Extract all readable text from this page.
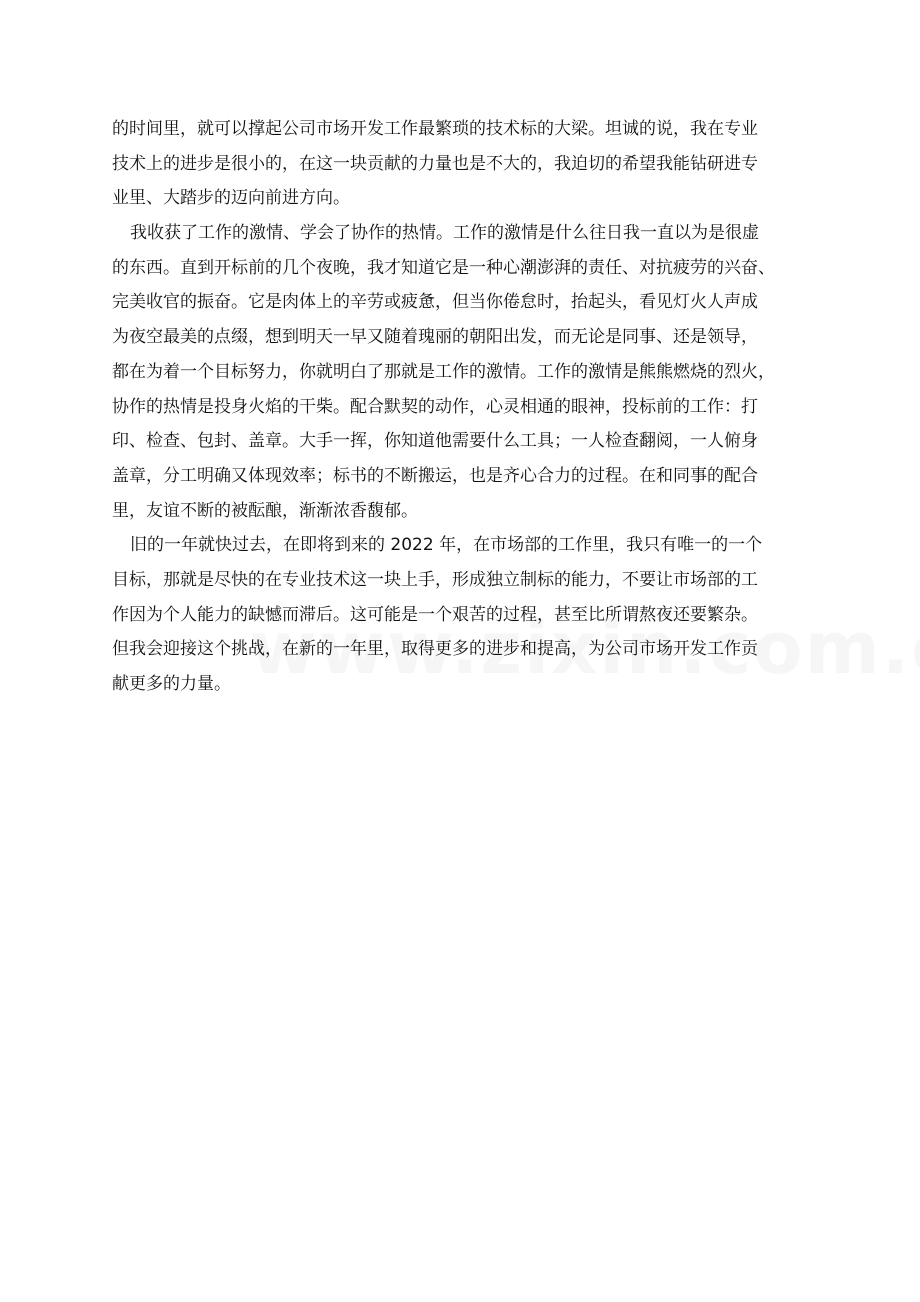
的时间里，就可以撑起公司市场开发工作最繁琐的技术标的大梁。坦诚的说，我在专业
技术上的进步是很小的，在这一块贡献的力量也是不大的，我迫切的希望我能钻研进专
业里、大踏步的迈向前进方向。
我收获了工作的激情、学会了协作的热情。工作的激情是什么往日我一直以为是很虚
的东西。直到开标前的几个夜晚，我才知道它是一种心潮澎湃的责任、对抗疲劳的兴奋、
完美收官的振奋。它是肉体上的辛劳或疲惫，但当你倦怠时，抬起头，看见灯火人声成
为夜空最美的点缀，想到明天一早又随着瑰丽的朝阳出发，而无论是同事、还是领导，
都在为着一个目标努力，你就明白了那就是工作的激情。工作的激情是熊熊燃烧的烈火，
协作的热情是投身火焰的干柴。配合默契的动作，心灵相通的眼神，投标前的工作：打
印、检查、包封、盖章。大手一挥，你知道他需要什么工具；一人检查翻阅，一人俯身
盖章，分工明确又体现效率；标书的不断搬运，也是齐心合力的过程。在和同事的配合
里，友谊不断的被酝酿，渐渐浓香馥郁。
旧的一年就快过去，在即将到来的 2022 年，在市场部的工作里，我只有唯一的一个
目标，那就是尽快的在专业技术这一块上手，形成独立制标的能力，不要让市场部的工
作因为个人能力的缺憾而滞后。这可能是一个艰苦的过程，甚至比所谓熬夜还要繁杂。
但我会迎接这个挑战，在新的一年里，取得更多的进步和提高，为公司市场开发工作贡
献更多的力量。
